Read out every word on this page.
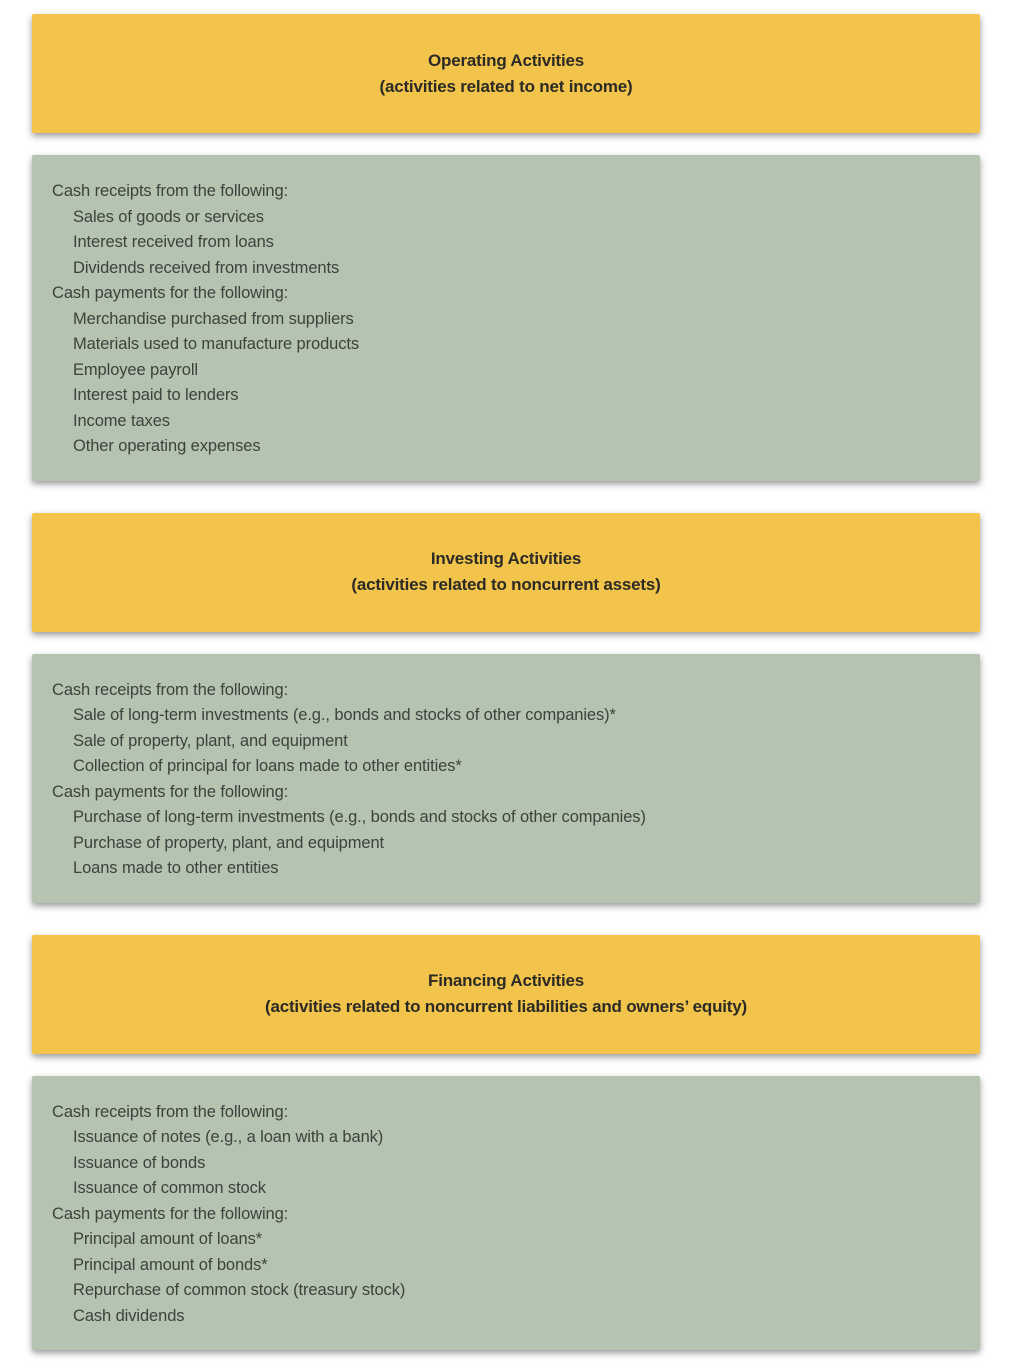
Operating Activities
(activities related to net income)
Cash receipts from the following:
Sales of goods or services
Interest received from loans
Dividends received from investments
Cash payments for the following:
Merchandise purchased from suppliers
Materials used to manufacture products
Employee payroll
Interest paid to lenders
Income taxes
Other operating expenses
Investing Activities
(activities related to noncurrent assets)
Cash receipts from the following:
Sale of long-term investments (e.g., bonds and stocks of other companies)*
Sale of property, plant, and equipment
Collection of principal for loans made to other entities*
Cash payments for the following:
Purchase of long-term investments (e.g., bonds and stocks of other companies)
Purchase of property, plant, and equipment
Loans made to other entities
Financing Activities
(activities related to noncurrent liabilities and owners’ equity)
Cash receipts from the following:
Issuance of notes (e.g., a loan with a bank)
Issuance of bonds
Issuance of common stock
Cash payments for the following:
Principal amount of loans*
Principal amount of bonds*
Repurchase of common stock (treasury stock)
Cash dividends
